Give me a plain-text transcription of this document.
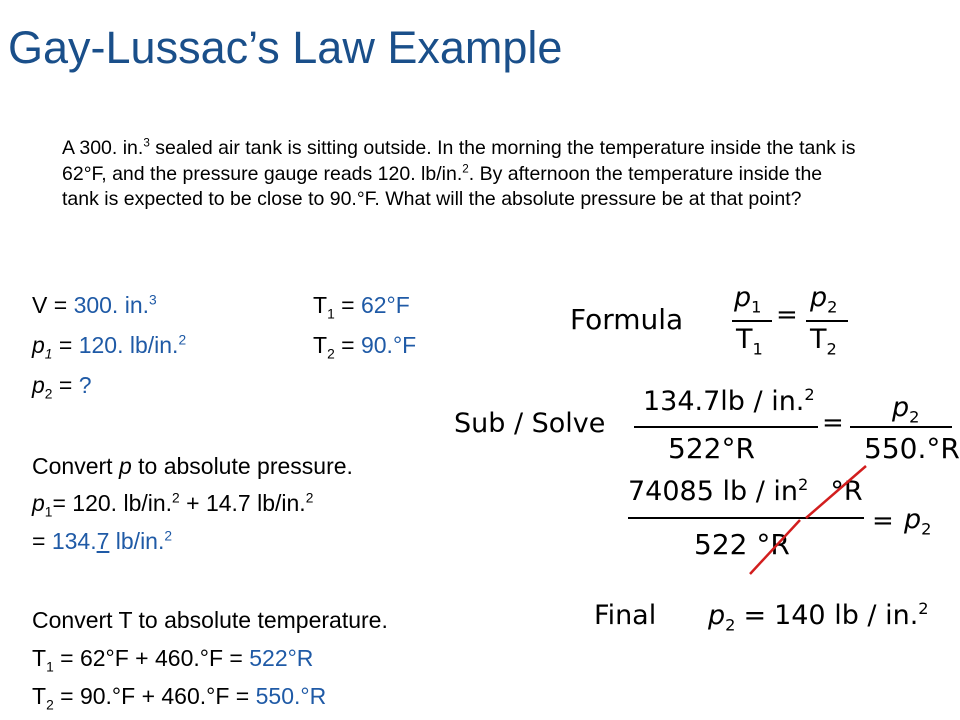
Gay-Lussac’s Law Example
A 300. in.$^3$ sealed air tank is sitting outside. In the morning the temperature inside the tank is 62°F, and the pressure gauge reads 120. lb/in.$^2$. By afternoon the temperature inside the tank is expected to be close to 90.°F. What will the absolute pressure be at that point?
V = 300. in.$^3$
$p_1 = 120$. lb/in.$^2$
$p_2$ = ?
$T_1 = 62^\circ F$
$T_2 = 90.^\circ F$
Convert p to absolute pressure.
$p_1= 120$. lb/in.$^2$ + 14.7 lb/in.$^2$
= 134.7 lb/in.$^2$
Convert T to absolute temperature.
$T_1 = 62^\circ F + 460.^\circ F = 522^\circ R$
$T_2 = 90.^\circ F + 460.^\circ F = 550.^\circ R$
Formula
$p_1$
$T_1$
=
$p_2$
$T_2$
Sub / Solve
134.7lb / in.$^2$
522°R
= $p_2$
550.°R
74085 lb / $in^2$ °R
522 °R
= $p_2$
Final $p_2 = 140$ lb / in.$^2$
